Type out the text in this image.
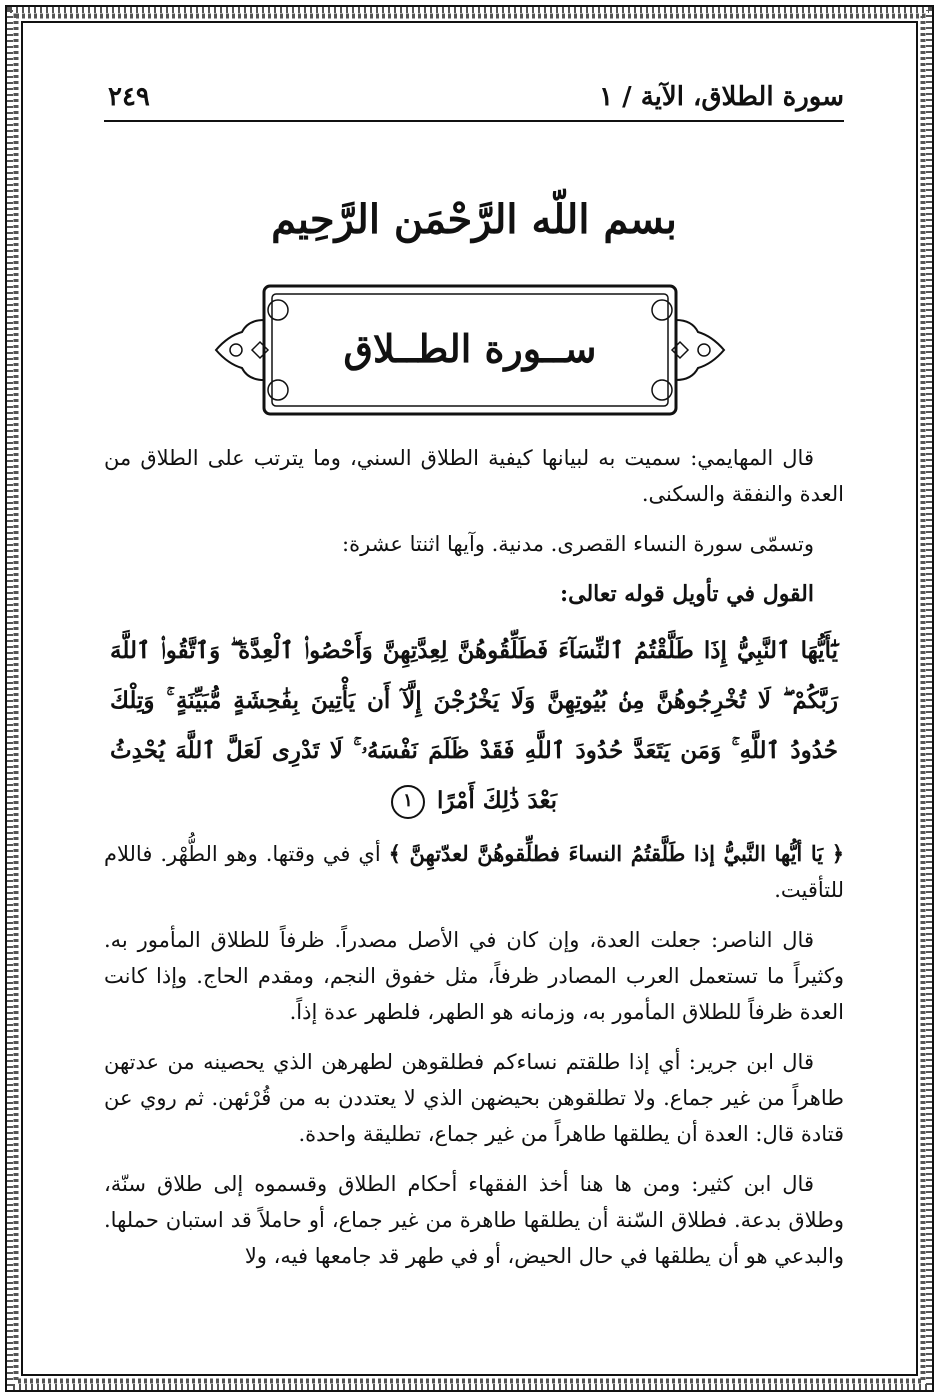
سورة الطلاق، الآية / ١
٢٤٩
بسم اللّه الرَّحْمَن الرَّحِيم
ســورة الطــلاق

قال المهايمي: سميت به لبيانها كيفية الطلاق السني، وما يترتب على الطلاق من العدة والنفقة والسكنى.

وتسمّى سورة النساء القصرى. مدنية. وآيها اثنتا عشرة:

القول في تأويل قوله تعالى:

يَٰٓأَيُّهَا ٱلنَّبِيُّ إِذَا طَلَّقْتُمُ ٱلنِّسَآءَ فَطَلِّقُوهُنَّ لِعِدَّتِهِنَّ وَأَحْصُوا۟ ٱلْعِدَّةَ ۖ وَٱتَّقُوا۟ ٱللَّهَ رَبَّكُمْ ۖ لَا تُخْرِجُوهُنَّ مِنۢ بُيُوتِهِنَّ وَلَا يَخْرُجْنَ إِلَّآ أَن يَأْتِينَ بِفَٰحِشَةٍ مُّبَيِّنَةٍ ۚ وَتِلْكَ حُدُودُ ٱللَّهِ ۚ وَمَن يَتَعَدَّ حُدُودَ ٱللَّهِ فَقَدْ ظَلَمَ نَفْسَهُۥ ۚ لَا تَدْرِى لَعَلَّ ٱللَّهَ يُحْدِثُ بَعْدَ ذَٰلِكَ أَمْرًا ١

﴿ يَا أيُّها النَّبيُّ إذا طَلَّقتُمُ النساءَ فطلِّقوهُنَّ لعدّتهِنَّ ﴾ أي في وقتها. وهو الطُّهْر. فاللام للتأقيت.

قال الناصر: جعلت العدة، وإن كان في الأصل مصدراً. ظرفاً للطلاق المأمور به. وكثيراً ما تستعمل العرب المصادر ظرفاً، مثل خفوق النجم، ومقدم الحاج. وإذا كانت العدة ظرفاً للطلاق المأمور به، وزمانه هو الطهر، فلطهر عدة إذاً.

قال ابن جرير: أي إذا طلقتم نساءكم فطلقوهن لطهرهن الذي يحصينه من عدتهن طاهراً من غير جماع. ولا تطلقوهن بحيضهن الذي لا يعتددن به من قُرْئهن. ثم روي عن قتادة قال: العدة أن يطلقها طاهراً من غير جماع، تطليقة واحدة.

قال ابن كثير: ومن ها هنا أخذ الفقهاء أحكام الطلاق وقسموه إلى طلاق سنّة، وطلاق بدعة. فطلاق السّنة أن يطلقها طاهرة من غير جماع، أو حاملاً قد استبان حملها. والبدعي هو أن يطلقها في حال الحيض، أو في طهر قد جامعها فيه، ولا
